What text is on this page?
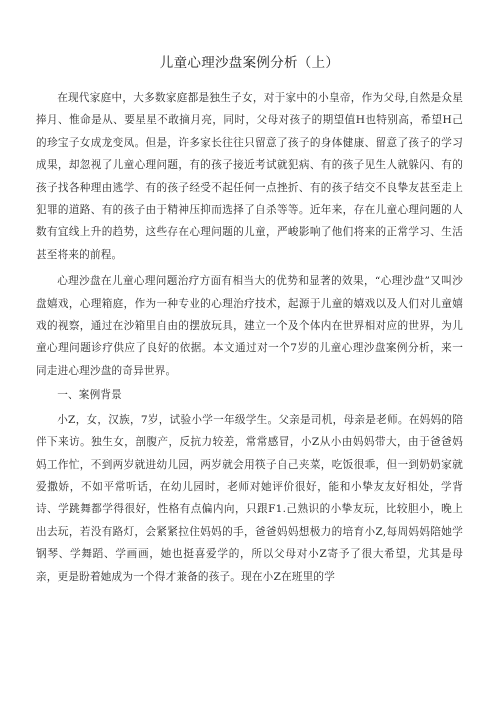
儿童心理沙盘案例分析（上）

在现代家庭中，大多数家庭都是独生子女，对于家中的小皇帝，作为父母,自然是众星捧月、惟命是从、要星星不敢摘月亮，同时，父母对孩子的期望值H也特别高，希望H己的珍宝子女成龙变凤。但是，许多家长往往只留意了孩子的身体健康、留意了孩子的学习成果，却忽视了儿童心理问题，有的孩子接近考试就犯病、有的孩子见生人就躲闪、有的孩子找各种理由逃学、有的孩子经受不起任何一点挫折、有的孩子结交不良挚友甚至走上犯罪的道路、有的孩子由于精神压抑而选择了自杀等等。近年来，存在儿童心理问题的人数有宜线上升的趋势，这些存在心理问题的儿童，严峻影响了他们将来的正常学习、生活甚至将来的前程。

心理沙盘在儿童心理问题治疗方面有相当大的优势和显著的效果，“心理沙盘”又叫沙盘嬉戏，心理箱庭，作为一种专业的心理治疗技术，起源于儿童的嬉戏以及人们对儿童嬉戏的视察，通过在沙箱里自由的摆放玩具，建立一个及个体内在世界相对应的世界，为儿童心理问题诊疗供应了良好的依据。本文通过对一个7岁的儿童心理沙盘案例分析，来一同走进心理沙盘的奇异世界。

一、案例背景

小Z，女，汉族，7岁，试验小学一年级学生。父亲是司机，母亲是老师。在妈妈的陪伴下来访。独生女，剖腹产，反抗力较差，常常感冒，小Z从小由妈妈带大，由于爸爸妈妈工作忙，不到两岁就进幼儿园，两岁就会用筷子自己夹菜，吃饭很乖，但一到奶奶家就爱撒娇，不如平常听话，在幼儿园时，老师对她评价很好，能和小挚友友好相处，学背诗、学跳舞都学得很好，性格有点偏内向，只跟F1.己熟识的小挚友玩，比较胆小，晚上出去玩，若没有路灯，会紧紧拉住妈妈的手，爸爸妈妈想极力的培育小Z,每周妈妈陪她学钢琴、学舞蹈、学画画，她也挺喜爱学的，所以父母对小Z寄予了很大希望，尤其是母亲，更是盼着她成为一个得才兼备的孩子。现在小Z在班里的学
